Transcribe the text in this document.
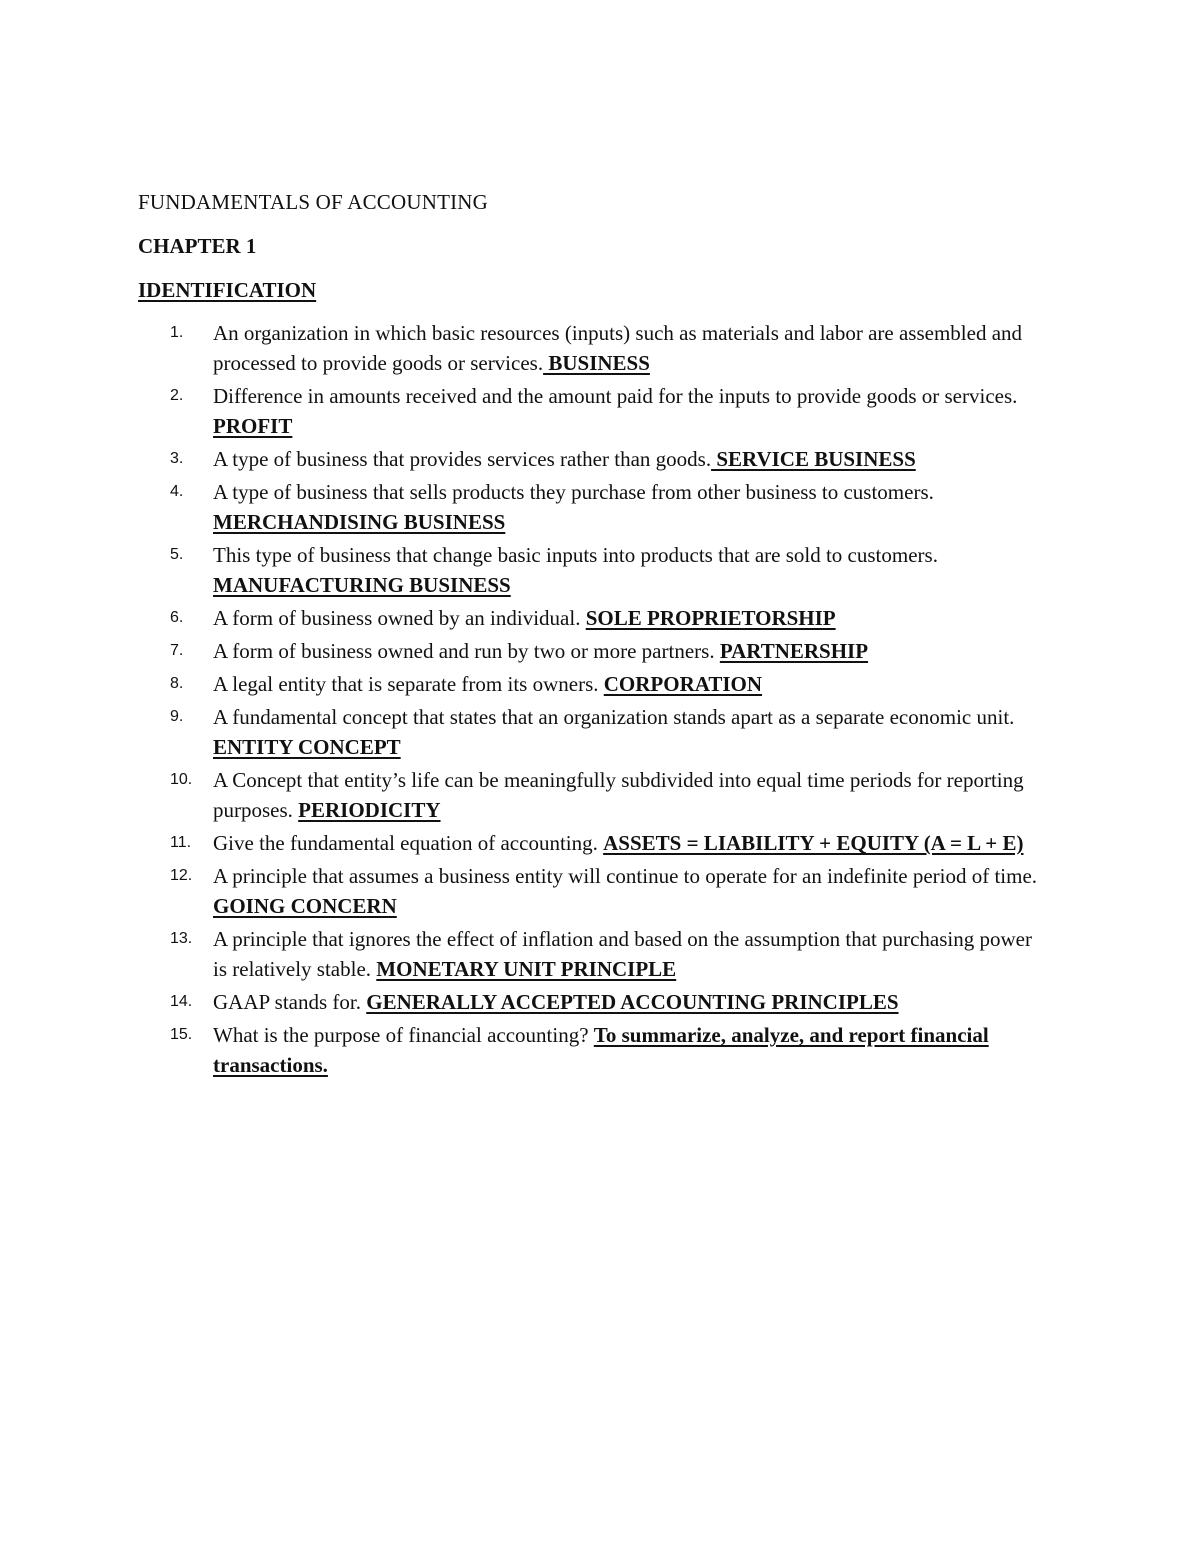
FUNDAMENTALS OF ACCOUNTING
CHAPTER 1
IDENTIFICATION
1. An organization in which basic resources (inputs) such as materials and labor are assembled and processed to provide goods or services. BUSINESS
2. Difference in amounts received and the amount paid for the inputs to provide goods or services. PROFIT
3. A type of business that provides services rather than goods. SERVICE BUSINESS
4. A type of business that sells products they purchase from other business to customers. MERCHANDISING BUSINESS
5. This type of business that change basic inputs into products that are sold to customers. MANUFACTURING BUSINESS
6. A form of business owned by an individual. SOLE PROPRIETORSHIP
7. A form of business owned and run by two or more partners. PARTNERSHIP
8. A legal entity that is separate from its owners. CORPORATION
9. A fundamental concept that states that an organization stands apart as a separate economic unit. ENTITY CONCEPT
10. A Concept that entity’s life can be meaningfully subdivided into equal time periods for reporting purposes. PERIODICITY
11. Give the fundamental equation of accounting. ASSETS = LIABILITY + EQUITY (A = L + E)
12. A principle that assumes a business entity will continue to operate for an indefinite period of time. GOING CONCERN
13. A principle that ignores the effect of inflation and based on the assumption that purchasing power is relatively stable. MONETARY UNIT PRINCIPLE
14. GAAP stands for. GENERALLY ACCEPTED ACCOUNTING PRINCIPLES
15. What is the purpose of financial accounting? To summarize, analyze, and report financial transactions.
